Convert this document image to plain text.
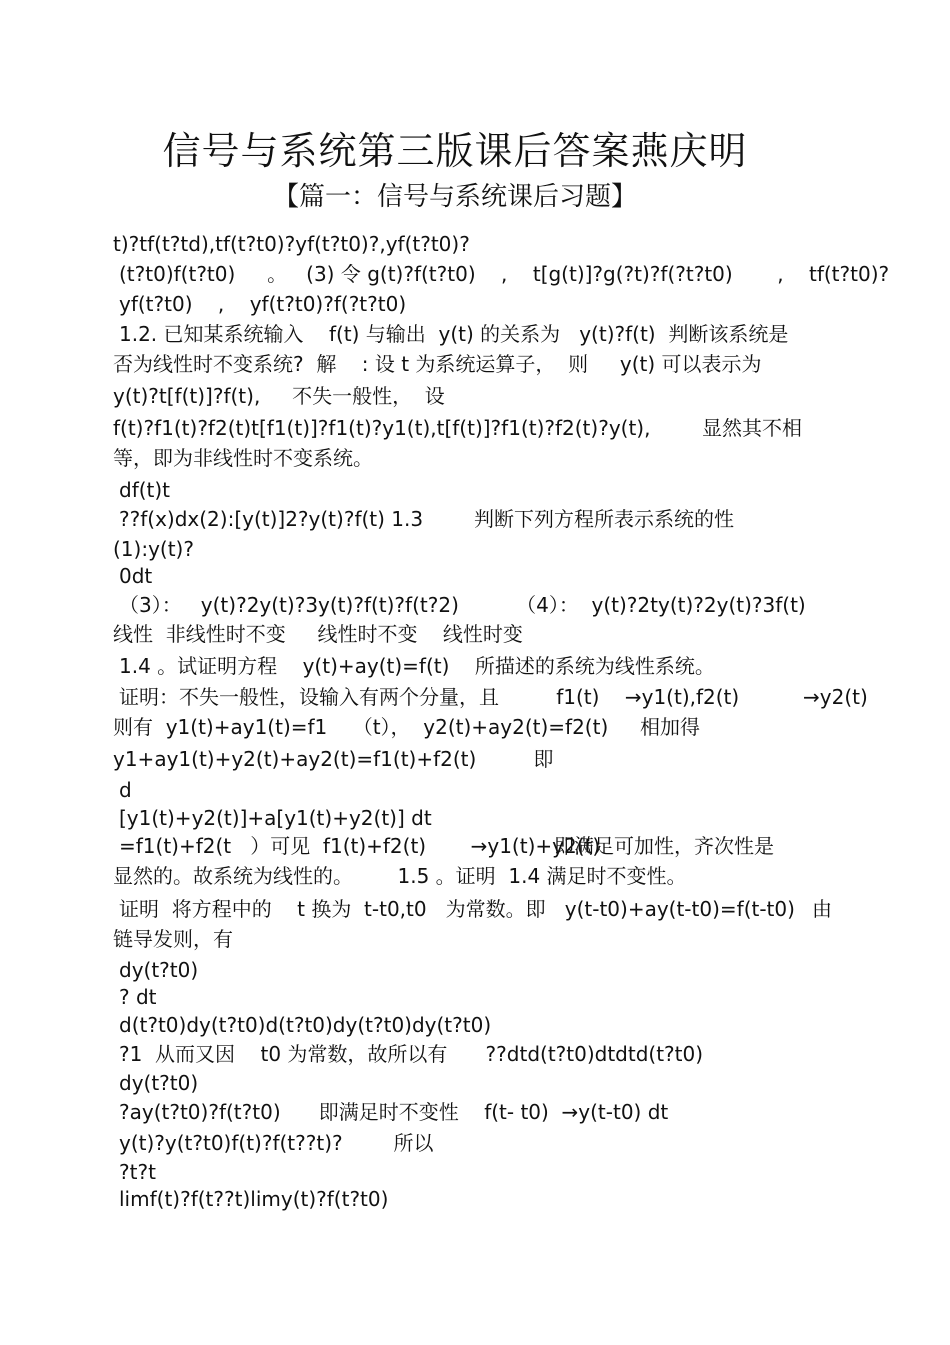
信号与系统第三版课后答案燕庆明
【篇一：信号与系统课后习题】
t)?tf(t?td),tf(t?t0)?yf(t?t0)?,yf(t?t0)?
(t?t0)f(t?t0)     。   (3) 令 g(t)?f(t?t0)    ,    t[g(t)]?g(?t)?f(?t?t0)       ,    tf(t?t0)?
yf(t?t0)    ,    yf(t?t0)?f(?t?t0)
1.2. 已知某系统输入    f(t) 与输出  y(t) 的关系为   y(t)?f(t)  判断该系统是
否为线性时不变系统?  解    : 设 t 为系统运算子，  则     y(t) 可以表示为
y(t)?t[f(t)]?f(t),     不失一般性，  设
f(t)?f1(t)?f2(t)t[f1(t)]?f1(t)?y1(t),t[f(t)]?f1(t)?f2(t)?y(t),	显然其不相
等，即为非线性时不变系统。
df(t)t
??f(x)dx(2):[y(t)]2?y(t)?f(t) 1.3        判断下列方程所表示系统的性
(1):y(t)?
0dt
（3）：   y(t)?2y(t)?3y(t)?f(t)?f(t?2)         （4）：  y(t)?2ty(t)?2y(t)?3f(t)
线性  非线性时不变     线性时不变    线性时变
1.4 。试证明方程    y(t)+ay(t)=f(t)    所描述的系统为线性系统。
证明：不失一般性，设输入有两个分量，且         f1(t)    →y1(t),f2(t)	→y2(t)
则有  y1(t)+ay1(t)=f1    （t），  y2(t)+ay2(t)=f2(t)     相加得
y1+ay1(t)+y2(t)+ay2(t)=f1(t)+f2(t)         即
d
[y1(t)+y2(t)]+a[y1(t)+y2(t)] dt
=f1(t)+f2(t   ）可见  f1(t)+f2(t)       →y1(t)+y2(t)
即满足可加性，齐次性是
显然的。故系统为线性的。       1.5 。证明  1.4 满足时不变性。
证明  将方程中的    t 换为  t-t0,t0   为常数。即   y(t-t0)+ay(t-t0)=f(t-t0) 由
链导发则，有
dy(t?t0)
? dt
d(t?t0)dy(t?t0)d(t?t0)dy(t?t0)dy(t?t0)
?1  从而又因    t0 为常数，故所以有      ??dtd(t?t0)dtdtd(t?t0)
dy(t?t0)
?ay(t?t0)?f(t?t0)      即满足时不变性    f(t- t0)  →y(t-t0) dt
y(t)?y(t?t0)f(t)?f(t??t)?        所以
?t?t
limf(t)?f(t??t)limy(t)?f(t?t0)
